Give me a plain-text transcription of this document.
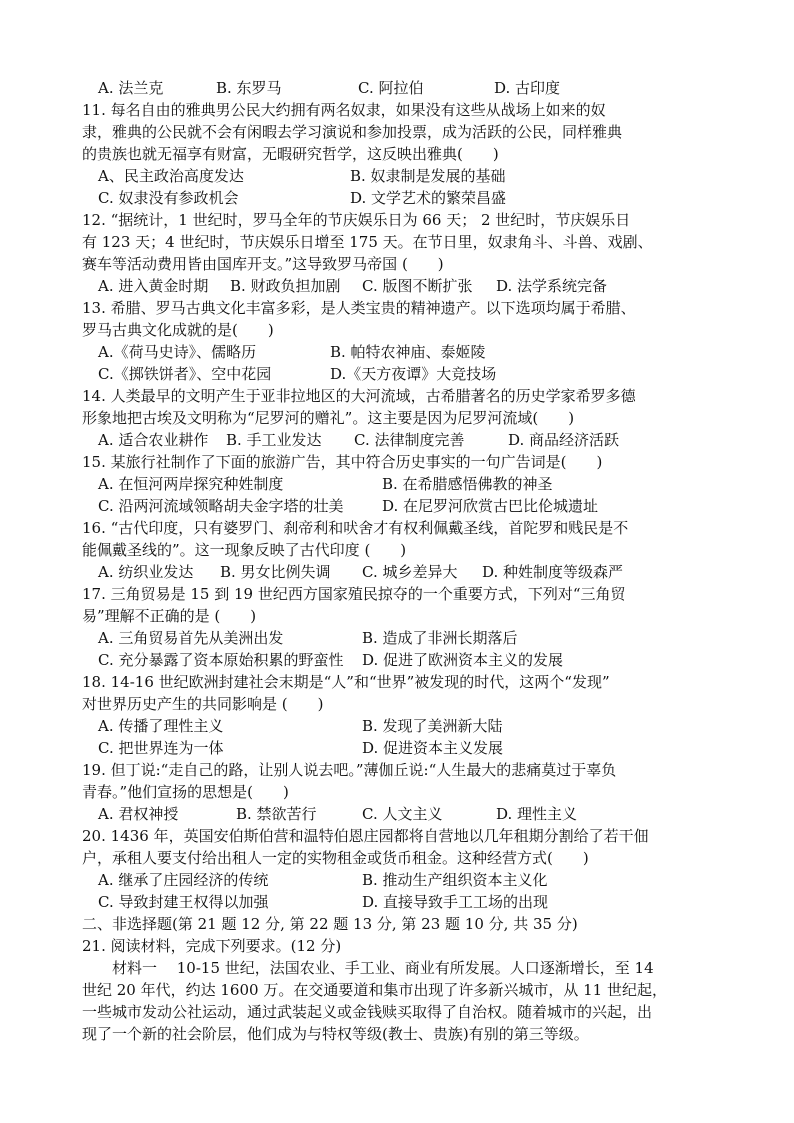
A. 法兰克	B. 东罗马	C. 阿拉伯	D. 古印度
11. 每名自由的雅典男公民大约拥有两名奴隶，如果没有这些从战场上如来的奴
隶，雅典的公民就不会有闲暇去学习演说和参加投票，成为活跃的公民，同样雅典
的贵族也就无福享有财富，无暇研究哲学，这反映出雅典(　　)
A、民主政治高度发达	B. 奴隶制是发展的基础
C. 奴隶没有参政机会	D. 文学艺术的繁荣昌盛
12. “据统计，1 世纪时，罗马全年的节庆娱乐日为 66 天； 2 世纪时，节庆娱乐日
有 123 天；4 世纪时，节庆娱乐日增至 175 天。在节日里，奴隶角斗、斗兽、戏剧、
赛车等活动费用皆由国库开支。”这导致罗马帝国 (　　)
A. 进入黄金时期 B. 财政负担加剧 C. 版图不断扩张 D. 法学系统完备
13. 希腊、罗马古典文化丰富多彩，是人类宝贵的精神遗产。以下选项均属于希腊、
罗马古典文化成就的是(　　)
A.《荷马史诗》、儒略历	B. 帕特农神庙、泰姬陵
C.《掷铁饼者》、空中花园	D.《天方夜谭》大竞技场
14. 人类最早的文明产生于亚非拉地区的大河流域，古希腊著名的历史学家希罗多德
形象地把古埃及文明称为“尼罗河的赠礼”。这主要是因为尼罗河流域(　　)
A. 适合农业耕作 B. 手工业发达 C. 法律制度完善	D. 商品经济活跃
15. 某旅行社制作了下面的旅游广告，其中符合历史事实的一句广告词是(　　)
A. 在恒河两岸探究种姓制度	B. 在希腊感悟佛教的神圣
C. 沿两河流域领略胡夫金字塔的壮美	D. 在尼罗河欣赏古巴比伦城遗址
16. “古代印度，只有婆罗门、刹帝利和吠舍才有权利佩戴圣线，首陀罗和贱民是不
能佩戴圣线的”。这一现象反映了古代印度 (　　)
A. 纺织业发达 B. 男女比例失调 C. 城乡差异大 D. 种姓制度等级森严
17. 三角贸易是 15 到 19 世纪西方国家殖民掠夺的一个重要方式，下列对“三角贸
易”理解不正确的是 (　　)
A. 三角贸易首先从美洲出发	B. 造成了非洲长期落后
C. 充分暴露了资本原始积累的野蛮性 D. 促进了欧洲资本主义的发展
18. 14-16 世纪欧洲封建社会末期是“人”和“世界”被发现的时代，这两个“发现”
对世界历史产生的共同影响是 (　　)
A. 传播了理性主义	B. 发现了美洲新大陆
C. 把世界连为一体	D. 促进资本主义发展
19. 但丁说:“走自己的路，让别人说去吧。”薄伽丘说:“人生最大的悲痛莫过于辜负
青春。”他们宣扬的思想是(　　)
A. 君权神授	B. 禁欲苦行	C. 人文主义	D. 理性主义
20. 1436 年，英国安伯斯伯营和温特伯恩庄园都将自营地以几年租期分割给了若干佃
户，承租人要支付给出租人一定的实物租金或货币租金。这种经营方式(　　)
A. 继承了庄园经济的传统	B. 推动生产组织资本主义化
C. 导致封建王权得以加强	D. 直接导致手工工场的出现
二、非选择题(第 21 题 12 分, 第 22 题 13 分, 第 23 题 10 分, 共 35 分)
21. 阅读材料，完成下列要求。(12 分)
　　材料一　 10-15 世纪，法国农业、手工业、商业有所发展。人口逐渐增长，至 14
世纪 20 年代，约达 1600 万。在交通要道和集市出现了许多新兴城市，从 11 世纪起，
一些城市发动公社运动，通过武装起义或金钱赎买取得了自治权。随着城市的兴起，出
现了一个新的社会阶层，他们成为与特权等级(教士、贵族)有别的第三等级。
